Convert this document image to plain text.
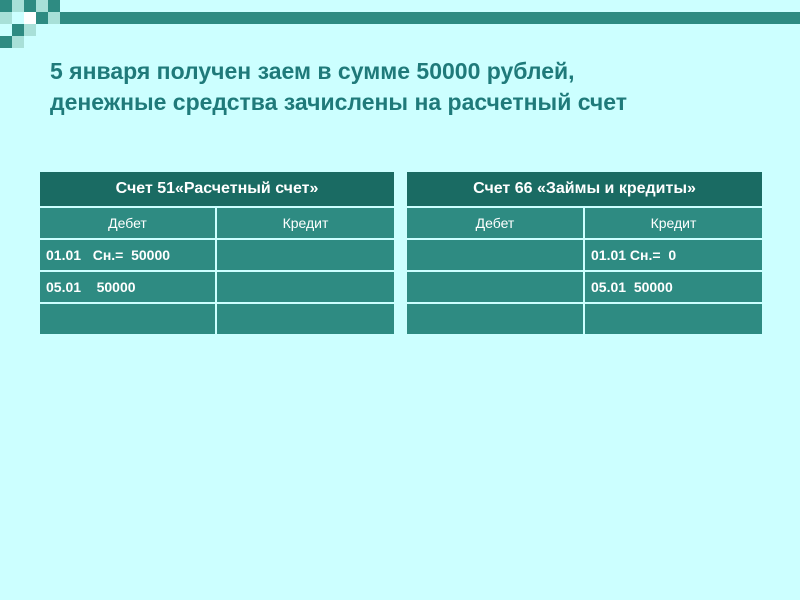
5 января получен заем в сумме 50000 рублей,
денежные средства зачислены на расчетный счет
Счет 51«Расчетный счет»	
Дебет	Кредит
01.01   Сн.=  50000	
05.01    50000	

Счет 66 «Займы и кредиты»	
Дебет	Кредит
	01.01 Сн.=  0
	05.01  50000
